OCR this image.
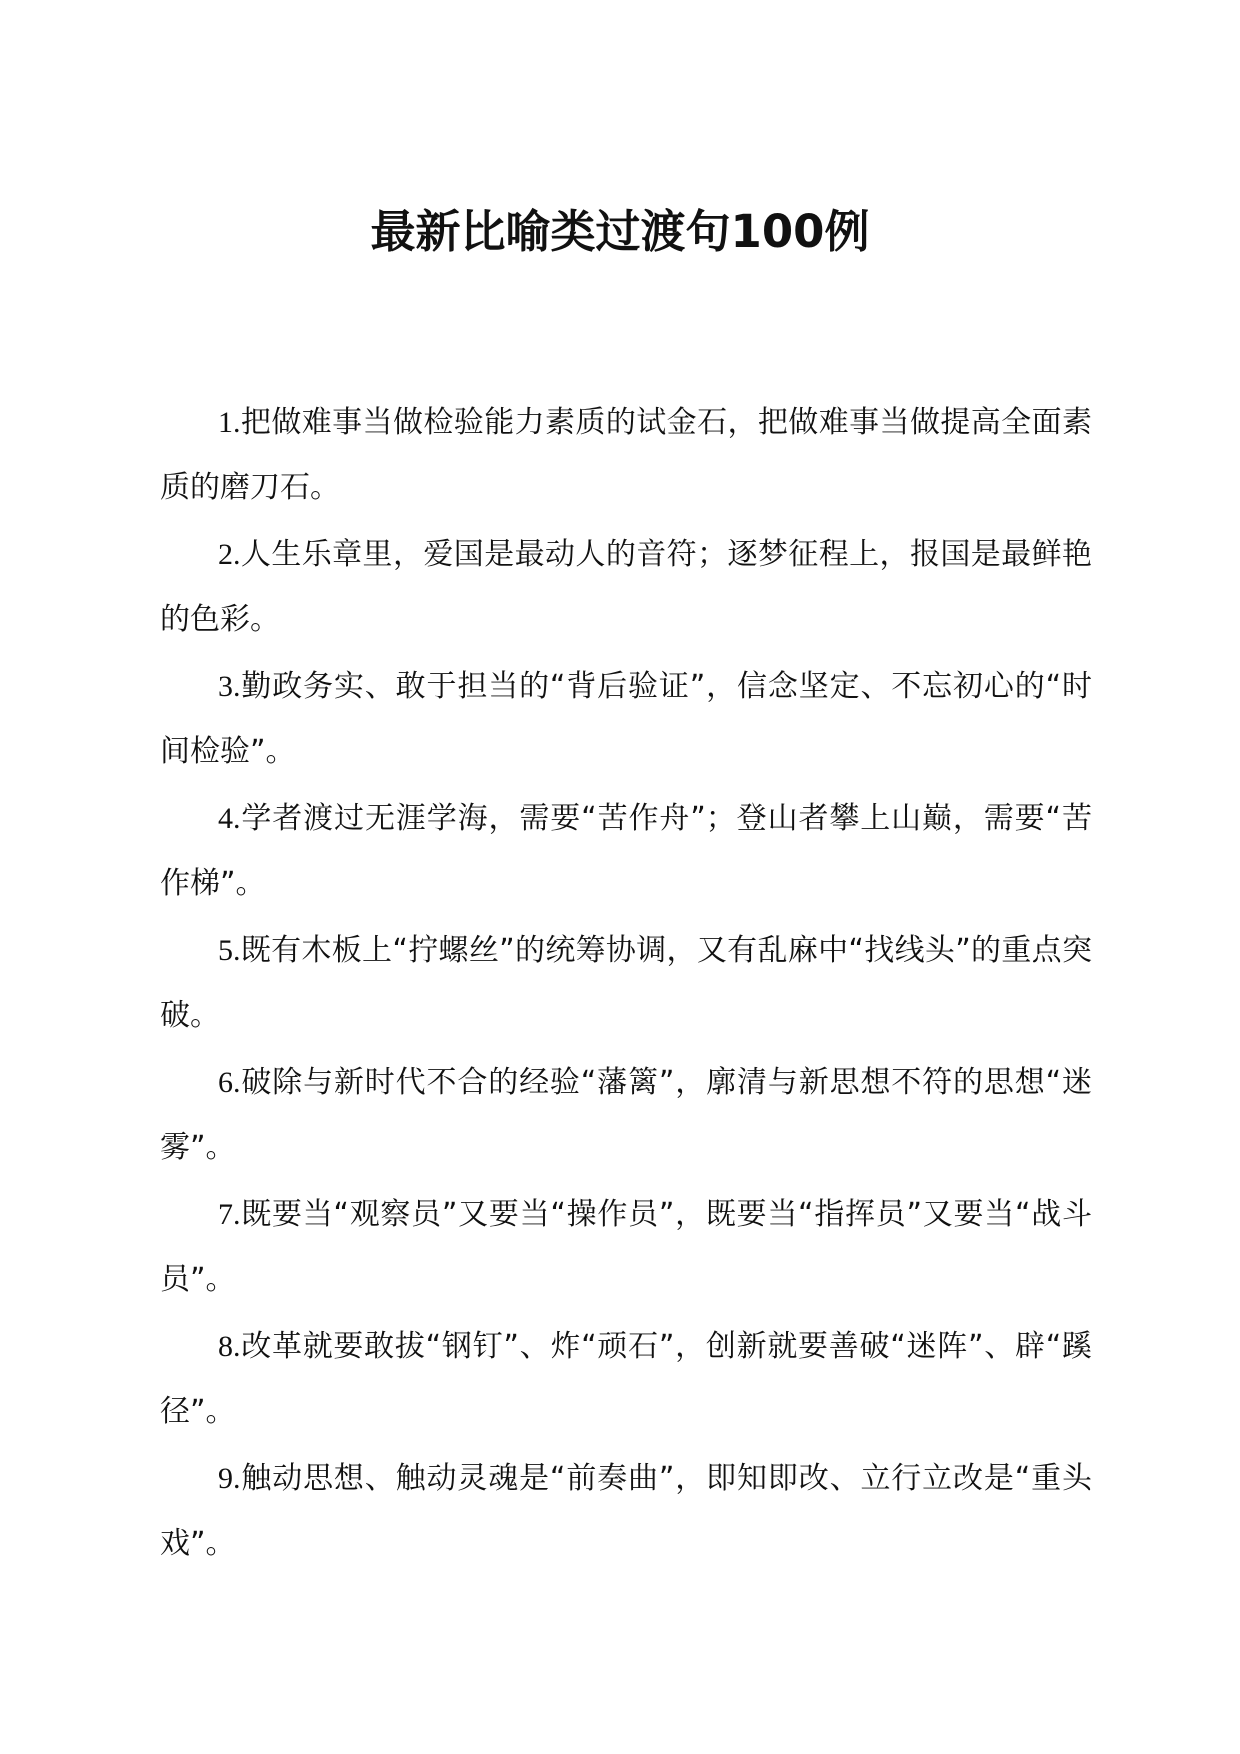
最新比喻类过渡句100例

1.把做难事当做检验能力素质的试金石，把做难事当做提高全面素质的磨刀石。

2.人生乐章里，爱国是最动人的音符；逐梦征程上，报国是最鲜艳的色彩。

3.勤政务实、敢于担当的“背后验证”，信念坚定、不忘初心的“时间检验”。

4.学者渡过无涯学海，需要“苦作舟”；登山者攀上山巅，需要“苦作梯”。

5.既有木板上“拧螺丝”的统筹协调，又有乱麻中“找线头”的重点突破。

6.破除与新时代不合的经验“藩篱”，廓清与新思想不符的思想“迷雾”。

7.既要当“观察员”又要当“操作员”，既要当“指挥员”又要当“战斗员”。

8.改革就要敢拔“钢钉”、炸“顽石”，创新就要善破“迷阵”、辟“蹊径”。

9.触动思想、触动灵魂是“前奏曲”，即知即改、立行立改是“重头戏”。
